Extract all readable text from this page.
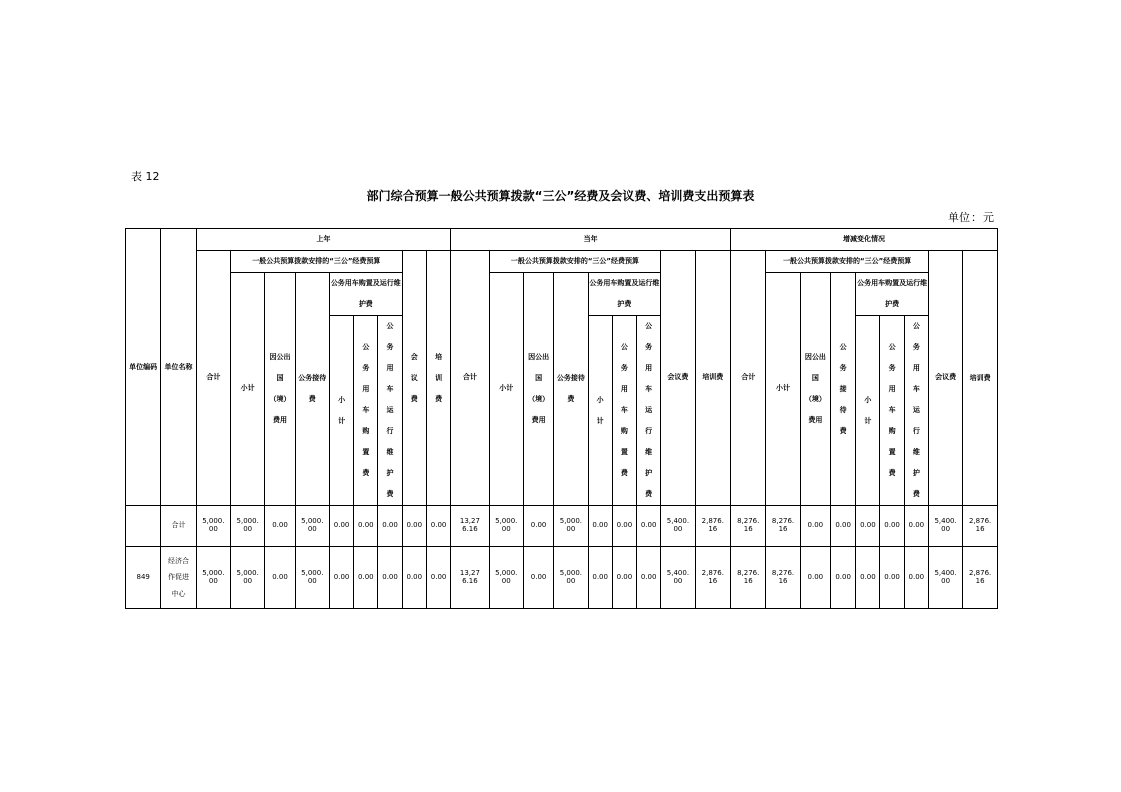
表 12
部门综合预算一般公共预算拨款“三公”经费及会议费、培训费支出预算表
单位：元
单位编码	单位名称	上年									当年									增减变化情况								
		合计	一般公共预算拨款安排的“三公”经费预算						会议费	培训费	合计	一般公共预算拨款安排的“三公”经费预算						会议费	培训费	合计	一般公共预算拨款安排的“三公”经费预算						会议费	培训费
			小计	因公出国（境）费用	公务接待费	公务用车购置及运行维护费						小计	因公出国（境）费用	公务接待费	公务用车购置及运行维护费						小计	因公出国（境）费用	公务接待费	公务用车购置及运行维护费				
						小计	公务用车购置费	公务用车运行维护费							小计	公务用车购置费	公务用车运行维护费							小计	公务用车购置费	公务用车运行维护费		

	合计	5,000.00	5,000.00	0.00	5,000.00	0.00	0.00	0.00	0.00	0.00	13,276.16	5,000.00	0.00	5,000.00	0.00	0.00	0.00	5,400.00	2,876.16	8,276.16	8,276.16	0.00	0.00	0.00	0.00	0.00	5,400.00	2,876.16
849	经济合作促进中心	5,000.00	5,000.00	0.00	5,000.00	0.00	0.00	0.00	0.00	0.00	13,276.16	5,000.00	0.00	5,000.00	0.00	0.00	0.00	5,400.00	2,876.16	8,276.16	8,276.16	0.00	0.00	0.00	0.00	0.00	5,400.00	2,876.16
